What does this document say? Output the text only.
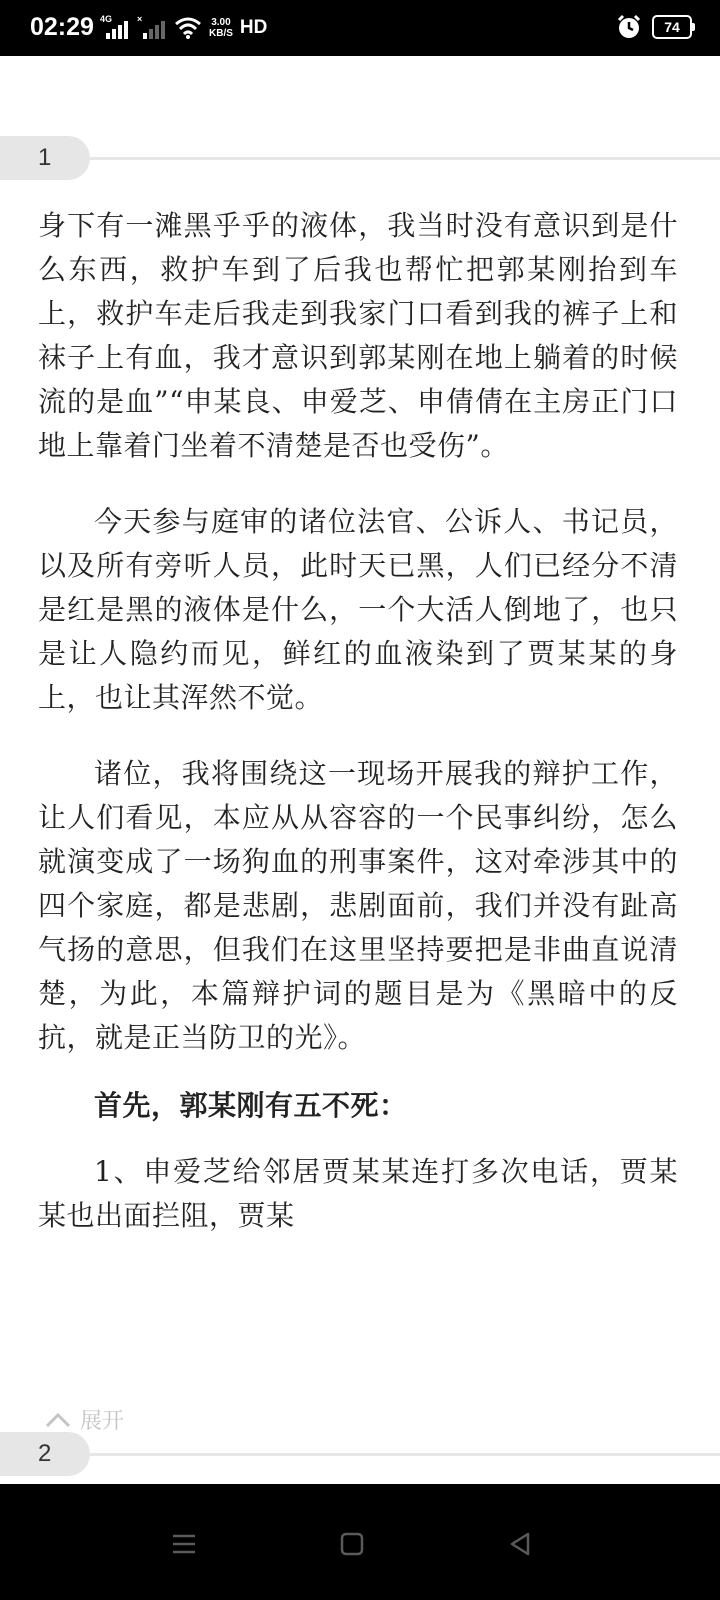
02:29 4G	×	3.00
KB/S HD	74
1

身下有一滩黑乎乎的液体，我当时没有意识到是什么东西，救护车到了后我也帮忙把郭某刚抬到车上，救护车走后我走到我家门口看到我的裤子上和袜子上有血，我才意识到郭某刚在地上躺着的时候流的是血”“申某良、申爱芝、申倩倩在主房正门口地上靠着门坐着不清楚是否也受伤”。

今天参与庭审的诸位法官、公诉人、书记员，以及所有旁听人员，此时天已黑，人们已经分不清是红是黑的液体是什么，一个大活人倒地了，也只是让人隐约而见，鲜红的血液染到了贾某某的身上，也让其浑然不觉。

诸位，我将围绕这一现场开展我的辩护工作，让人们看见，本应从从容容的一个民事纠纷，怎么就演变成了一场狗血的刑事案件，这对牵涉其中的四个家庭，都是悲剧，悲剧面前，我们并没有趾高气扬的意思，但我们在这里坚持要把是非曲直说清楚，为此，本篇辩护词的题目是为《黑暗中的反抗，就是正当防卫的光》。

首先，郭某刚有五不死：

1、申爱芝给邻居贾某某连打多次电话，贾某某也出面拦阻，贾某

展开
2
